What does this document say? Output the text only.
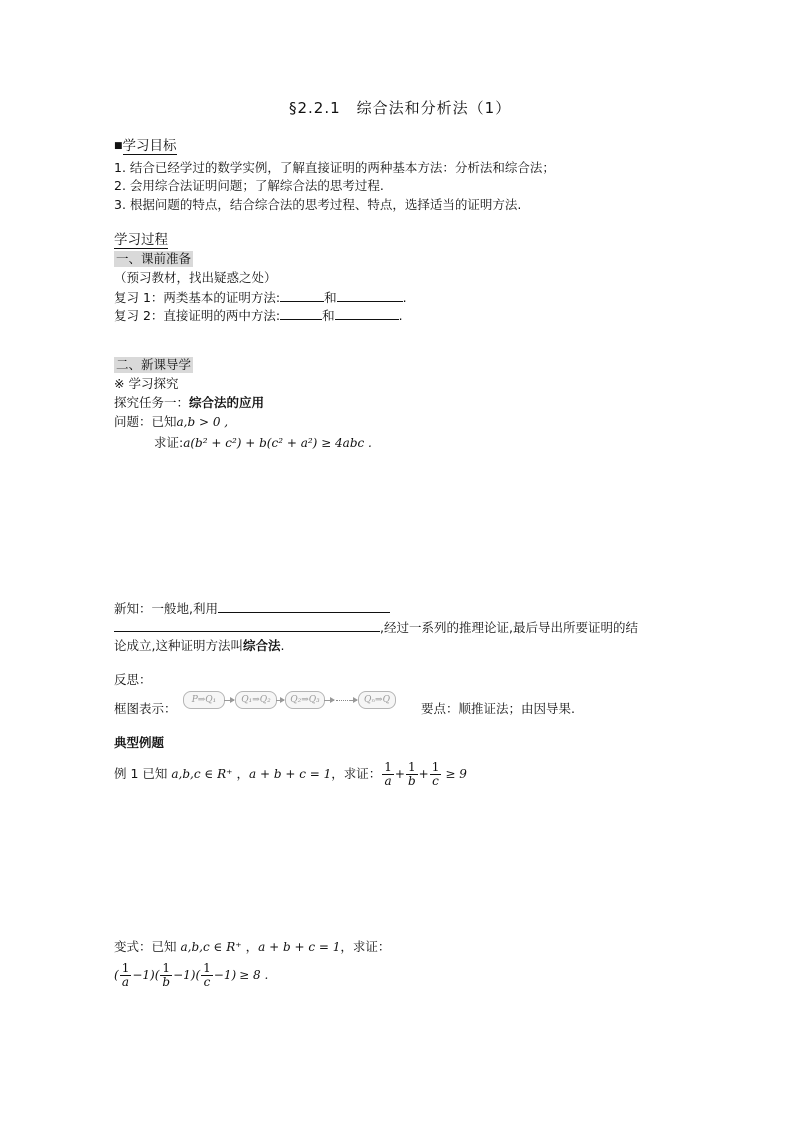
§2.2.1　综合法和分析法（1）
■学习目标
1. 结合已经学过的数学实例，了解直接证明的两种基本方法：分析法和综合法；
2. 会用综合法证明问题；了解综合法的思考过程.
3. 根据问题的特点，结合综合法的思考过程、特点，选择适当的证明方法.
学习过程
一、课前准备
（预习教材，找出疑惑之处）
复习 1：两类基本的证明方法:	和	.
复习 2：直接证明的两中方法:	和	.
二、新课导学
※ 学习探究
探究任务一：综合法的应用
问题：已知a,b > 0 ,
求证:a(b² + c²) + b(c² + a²) ≥ 4abc .
新知：一般地,利用
,经过一系列的推理论证,最后导出所要证明的结
论成立,这种证明方法叫综合法.
反思：
框图表示：
P⇒Q₁	Q₁⇒Q₂	Q₂⇒Q₃	Qₙ⇒Q
要点：顺推证法；由因导果.
典型例题
例 1 已知 a,b,c ∈ R⁺ ， a + b + c = 1 ，求证： $\frac{1}{a} + \frac{1}{b} + \frac{1}{c} \ge 9$
变式：已知 a,b,c ∈ R⁺ ，a + b + c = 1，求证：
( $\frac{1}{a} -1)( \frac{1}{b} -1)( \frac{1}{c} -1) \ge 8$ .
